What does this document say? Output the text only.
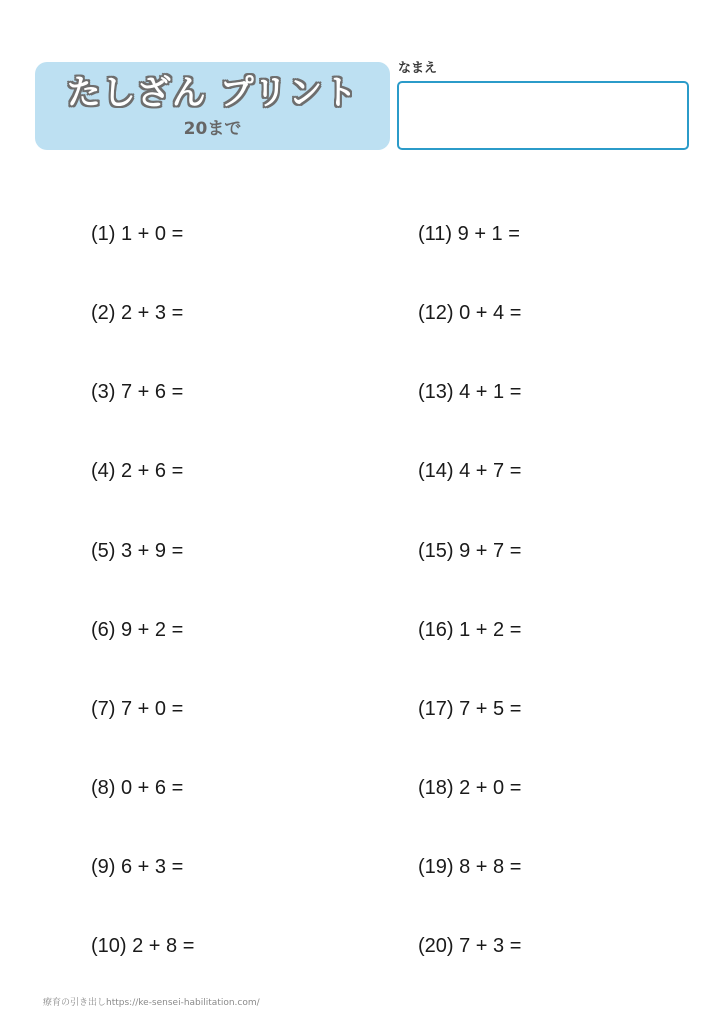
たしざん プリント
20まで
なまえ
(1) 1 + 0 =
(2) 2 + 3 =
(3) 7 + 6 =
(4) 2 + 6 =
(5) 3 + 9 =
(6) 9 + 2 =
(7) 7 + 0 =
(8) 0 + 6 =
(9) 6 + 3 =
(10) 2 + 8 =
(11) 9 + 1 =
(12) 0 + 4 =
(13) 4 + 1 =
(14) 4 + 7 =
(15) 9 + 7 =
(16) 1 + 2 =
(17) 7 + 5 =
(18) 2 + 0 =
(19) 8 + 8 =
(20) 7 + 3 =
療育の引き出しhttps://ke-sensei-habilitation.com/
